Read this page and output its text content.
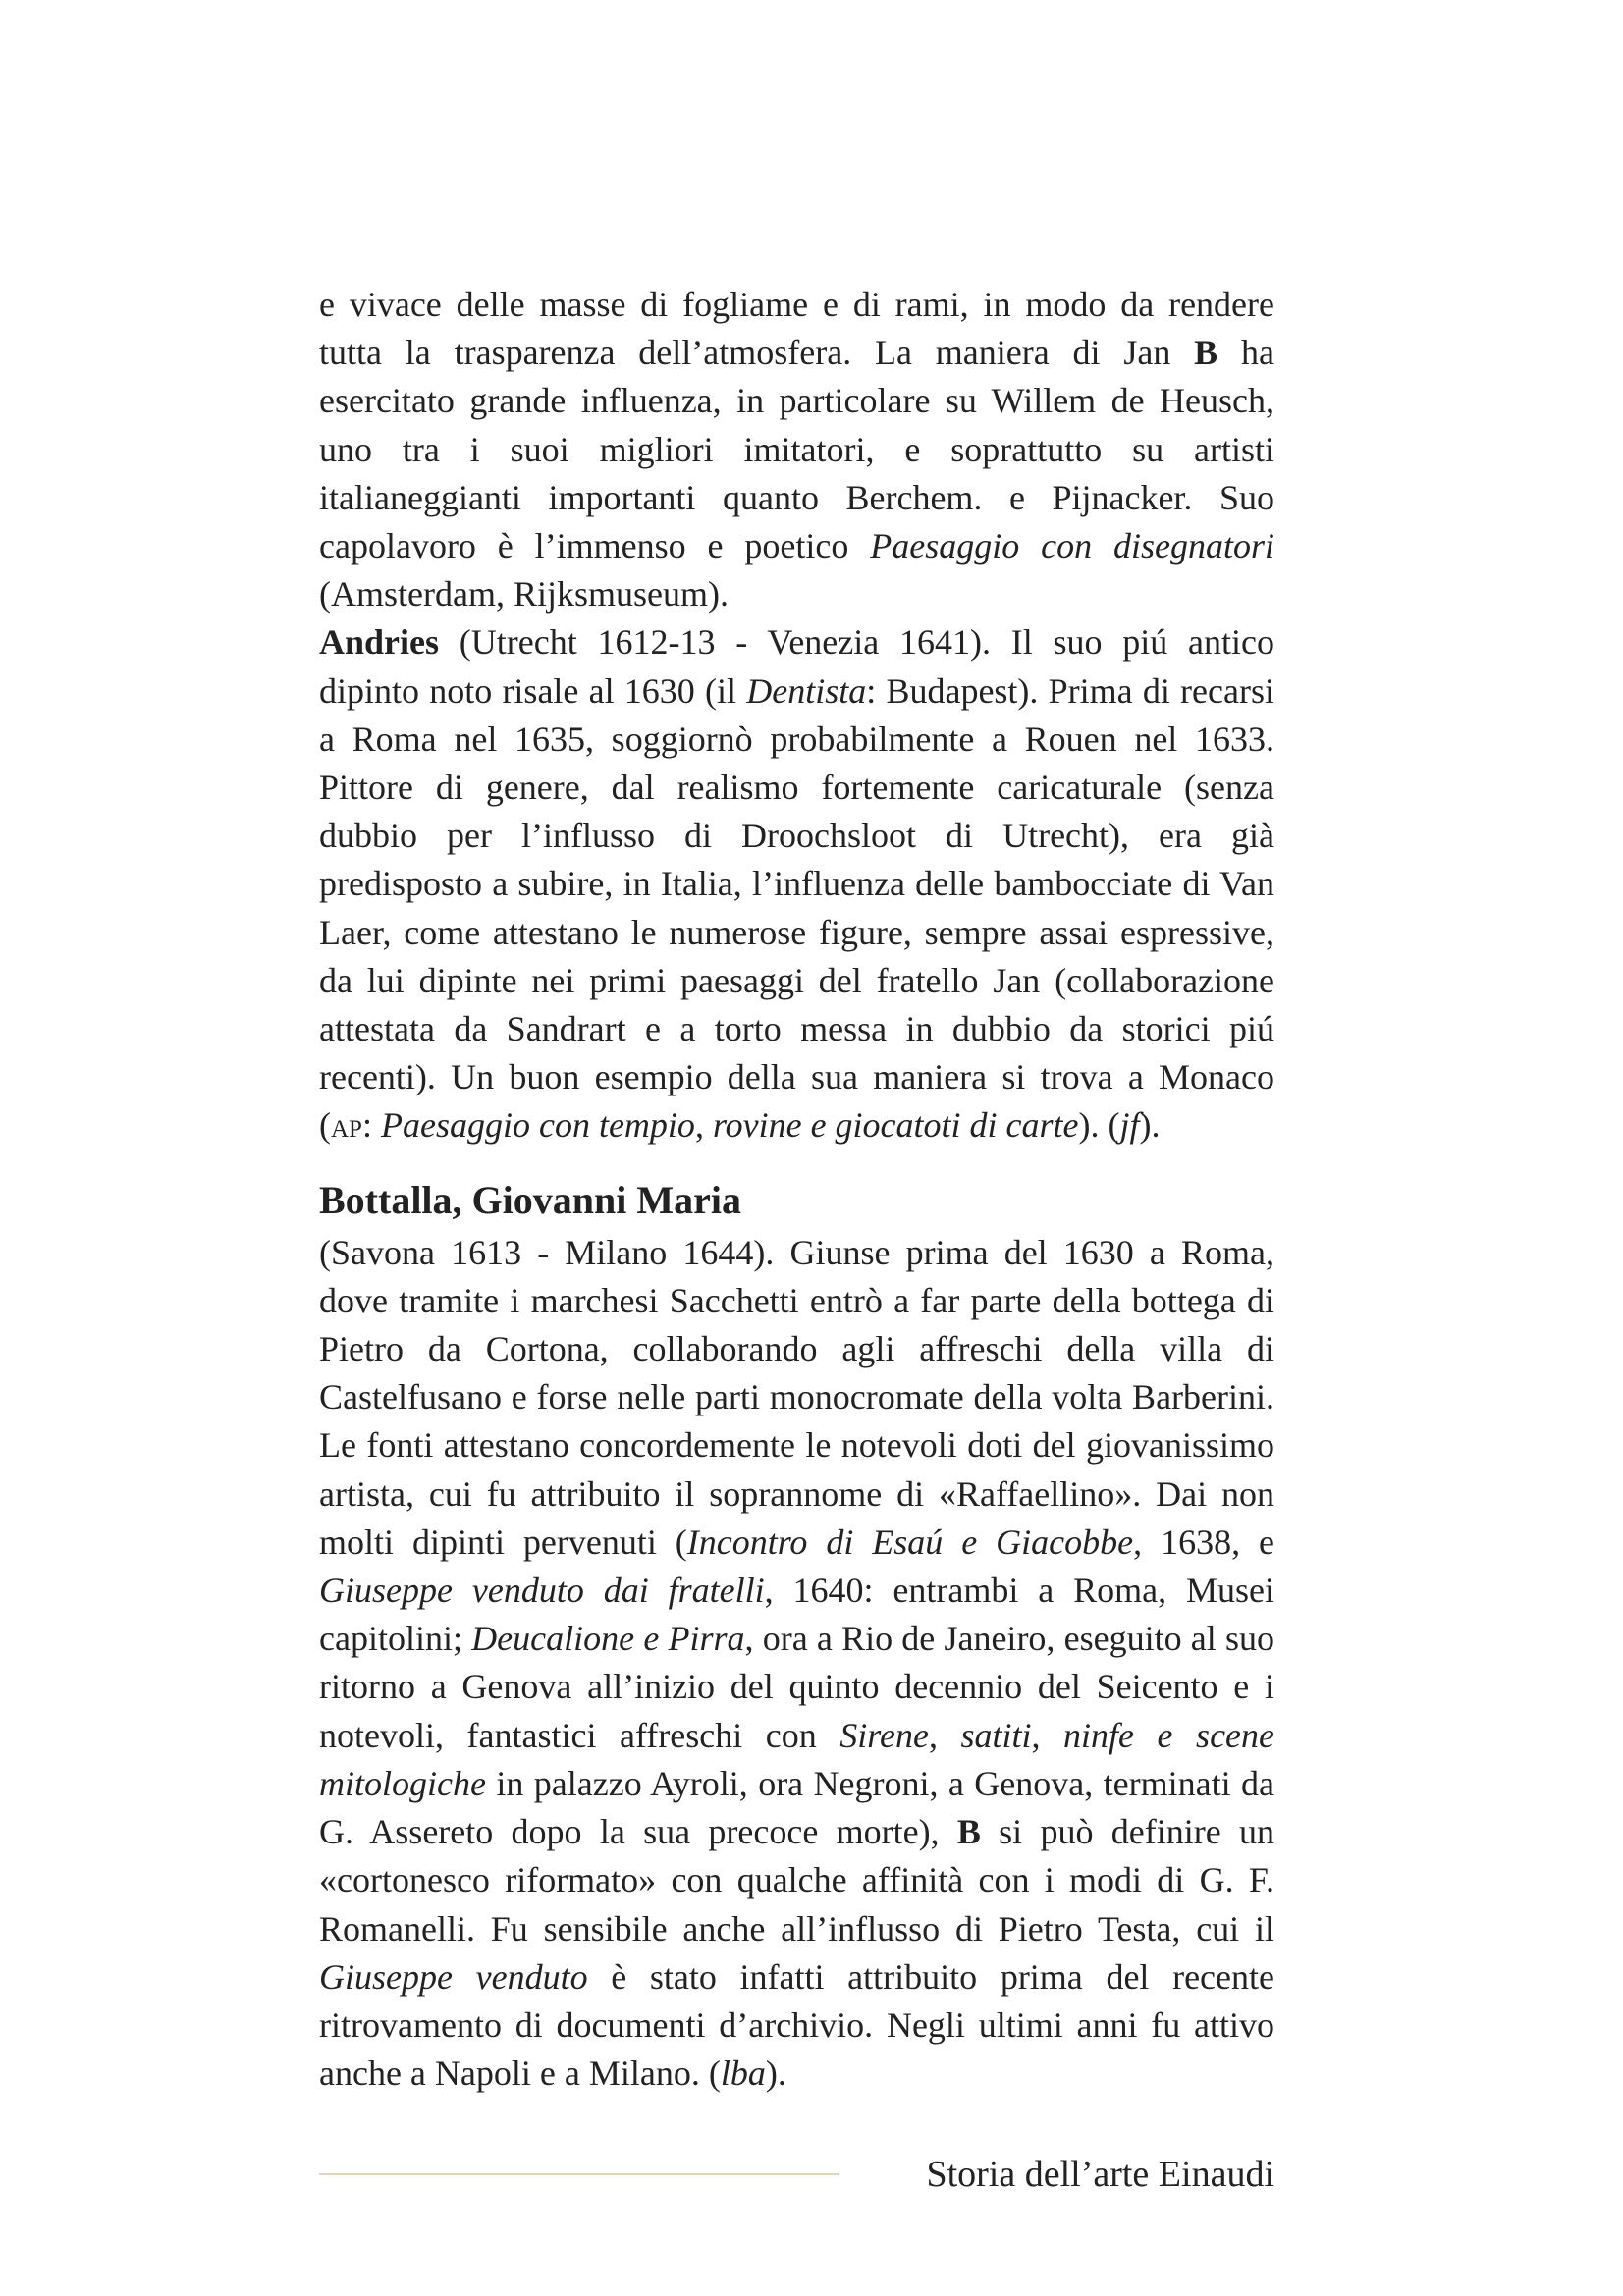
e vivace delle masse di fogliame e di rami, in modo da rendere tutta la trasparenza dell’atmosfera. La maniera di Jan B ha esercitato grande influenza, in particolare su Willem de Heusch, uno tra i suoi migliori imitatori, e soprattutto su artisti italianeggianti importanti quanto Berchem. e Pijnacker. Suo capolavoro è l’immenso e poetico Paesaggio con disegnatori (Amsterdam, Rijksmuseum).

Andries (Utrecht 1612-13 - Venezia 1641). Il suo piú antico dipinto noto risale al 1630 (il Dentista: Budapest). Prima di recarsi a Roma nel 1635, soggiornò probabilmente a Rouen nel 1633. Pittore di genere, dal realismo fortemente caricaturale (senza dubbio per l’influsso di Droochsloot di Utrecht), era già predisposto a subire, in Italia, l’influenza delle bambocciate di Van Laer, come attestano le numerose figure, sempre assai espressive, da lui dipinte nei primi paesaggi del fratello Jan (collaborazione attestata da Sandrart e a torto messa in dubbio da storici piú recenti). Un buon esempio della sua maniera si trova a Monaco (ap: Paesaggio con tempio, rovine e giocatoti di carte). (jf).

Bottalla, Giovanni Maria

(Savona 1613 - Milano 1644). Giunse prima del 1630 a Roma, dove tramite i marchesi Sacchetti entrò a far parte della bottega di Pietro da Cortona, collaborando agli affreschi della villa di Castelfusano e forse nelle parti monocromate della volta Barberini. Le fonti attestano concordemente le notevoli doti del giovanissimo artista, cui fu attribuito il soprannome di «Raffaellino». Dai non molti dipinti pervenuti (Incontro di Esaú e Giacobbe, 1638, e Giuseppe venduto dai fratelli, 1640: entrambi a Roma, Musei capitolini; Deucalione e Pirra, ora a Rio de Janeiro, eseguito al suo ritorno a Genova all’inizio del quinto decennio del Seicento e i notevoli, fantastici affreschi con Sirene, satiti, ninfe e scene mitologiche in palazzo Ayroli, ora Negroni, a Genova, terminati da G. Assereto dopo la sua precoce morte), B si può definire un «cortonesco riformato» con qualche affinità con i modi di G. F. Romanelli. Fu sensibile anche all’influsso di Pietro Testa, cui il Giuseppe venduto è stato infatti attribuito prima del recente ritrovamento di documenti d’archivio. Negli ultimi anni fu attivo anche a Napoli e a Milano. (lba).

Storia dell’arte Einaudi
